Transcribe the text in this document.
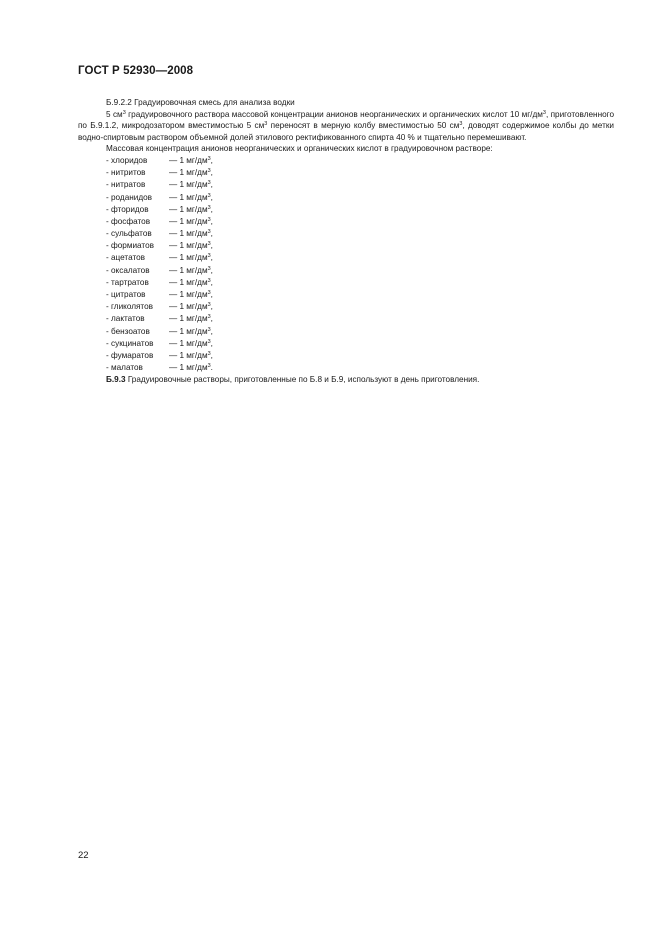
ГОСТ Р 52930—2008

Б.9.2.2 Градуировочная смесь для анализа водки

5 $см^3$ градуировочного раствора массовой концентрации анионов неорганических и органических кислот 10 $мг/дм^3$, приготовленного по Б.9.1.2, микродозатором вместимостью 5 $см^3$ переносят в мерную колбу вместимостью 50 $см^3$, доводят содержимое колбы до метки водно-спиртовым раствором объемной долей этилового ректификованного спирта 40 % и тщательно перемешивают.

Массовая концентрация анионов неорганических и органических кислот в градуировочном растворе:

- хлоридов	— 1 $мг/дм^3$,
- нитритов	— 1 $мг/дм^3$,
- нитратов	— 1 $мг/дм^3$,
- роданидов	— 1 $мг/дм^3$,
- фторидов	— 1 $мг/дм^3$,
- фосфатов	— 1 $мг/дм^3$,
- сульфатов	— 1 $мг/дм^3$,
- формиатов	— 1 $мг/дм^3$,
- ацетатов	— 1 $мг/дм^3$,
- оксалатов	— 1 $мг/дм^3$,
- тартратов	— 1 $мг/дм^3$,
- цитратов	— 1 $мг/дм^3$,
- гликолятов	— 1 $мг/дм^3$,
- лактатов	— 1 $мг/дм^3$,
- бензоатов	— 1 $мг/дм^3$,
- сукцинатов	— 1 $мг/дм^3$,
- фумаратов	— 1 $мг/дм^3$,
- малатов	— 1 $мг/дм^3$.

Б.9.3 Градуировочные растворы, приготовленные по Б.8 и Б.9, используют в день приготовления.

22
